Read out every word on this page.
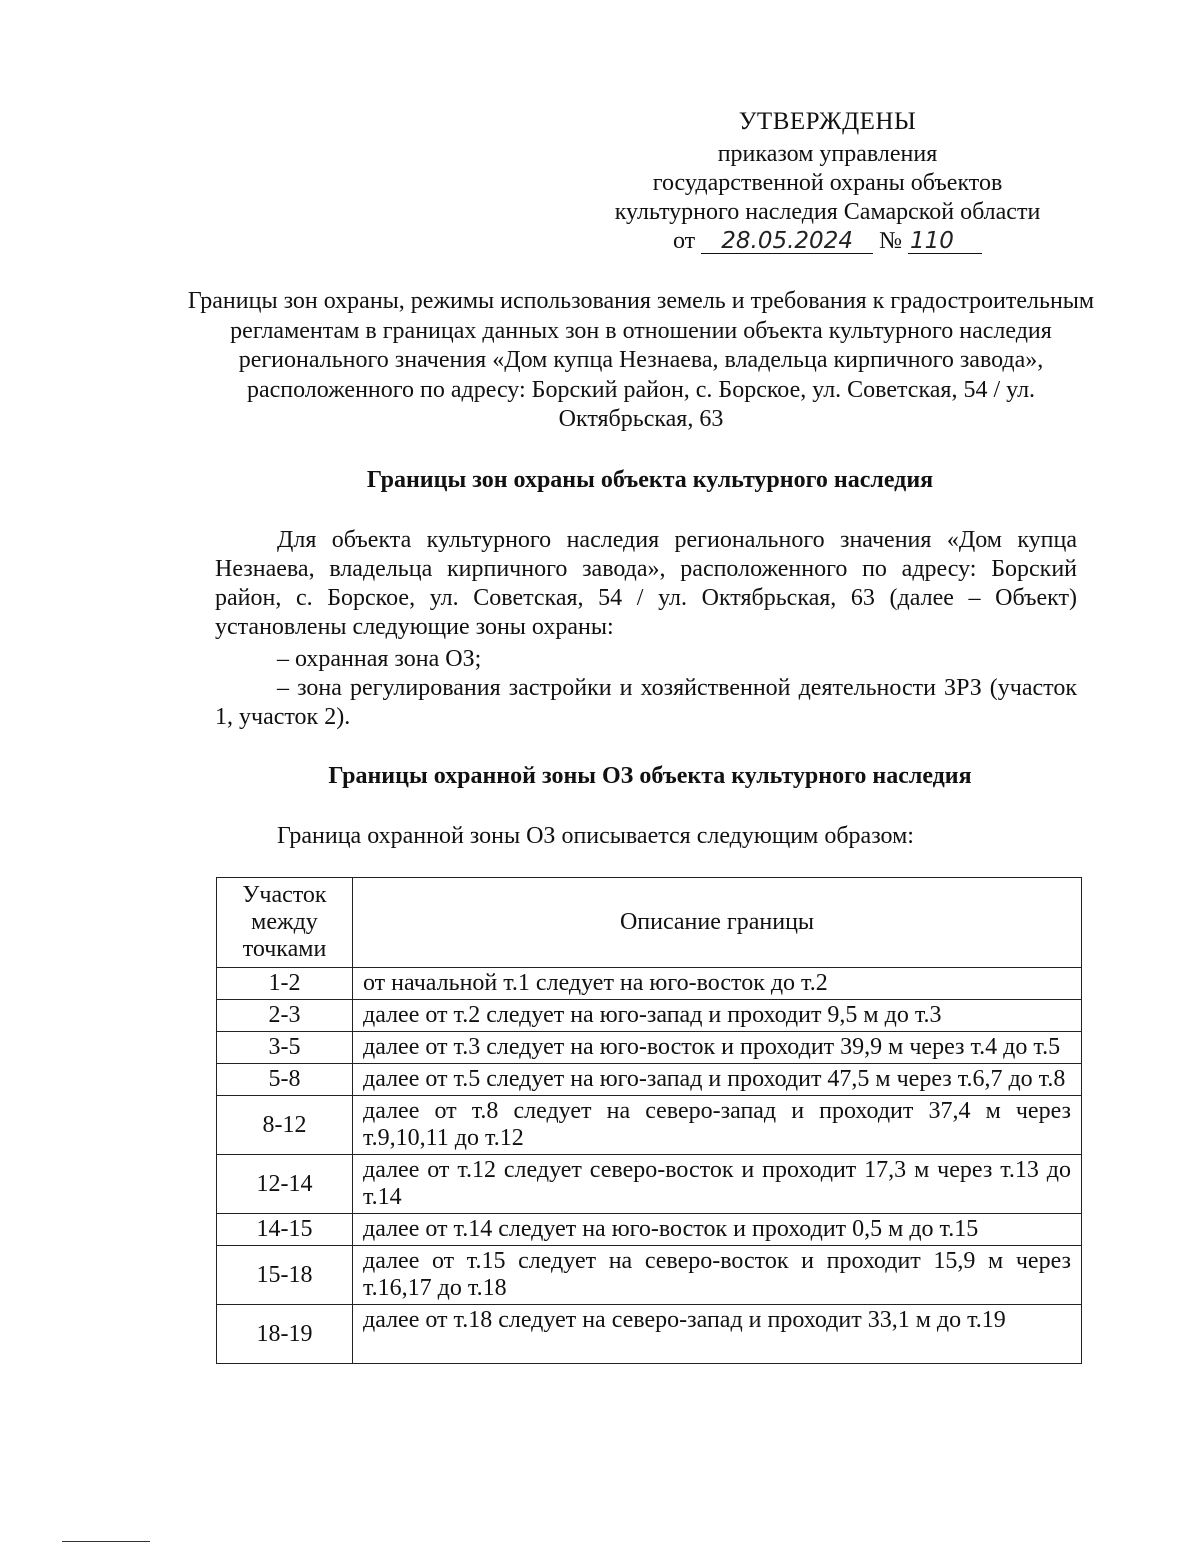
УТВЕРЖДЕНЫ
приказом управления
государственной охраны объектов
культурного наследия Самарской области
от 28.05.2024 № 110
Границы зон охраны, режимы использования земель и требования к градостроительным регламентам в границах данных зон в отношении объекта культурного наследия регионального значения «Дом купца Незнаева, владельца кирпичного завода», расположенного по адресу: Борский район, с. Борское, ул. Советская, 54 / ул. Октябрьская, 63
Границы зон охраны объекта культурного наследия
Для объекта культурного наследия регионального значения «Дом купца Незнаева, владельца кирпичного завода», расположенного по адресу: Борский район, с. Борское, ул. Советская, 54 / ул. Октябрьская, 63 (далее – Объект) установлены следующие зоны охраны:
– охранная зона ОЗ;
– зона регулирования застройки и хозяйственной деятельности ЗРЗ (участок 1, участок 2).
Границы охранной зоны ОЗ объекта культурного наследия
Граница охранной зоны ОЗ описывается следующим образом:
Участок между точками	Описание границы
1-2	от начальной т.1 следует на юго-восток до т.2
2-3	далее от т.2 следует на юго-запад и проходит 9,5 м до т.3
3-5	далее от т.3 следует на юго-восток и проходит 39,9 м через т.4 до т.5
5-8	далее от т.5 следует на юго-запад и проходит 47,5 м через т.6,7 до т.8
8-12	далее от т.8 следует на северо-запад и проходит 37,4 м через т.9,10,11 до т.12
12-14	далее от т.12 следует северо-восток и проходит 17,3 м через т.13 до т.14
14-15	далее от т.14 следует на юго-восток и проходит 0,5 м до т.15
15-18	далее от т.15 следует на северо-восток и проходит 15,9 м через т.16,17 до т.18
18-19	далее от т.18 следует на северо-запад и проходит 33,1 м до т.19
